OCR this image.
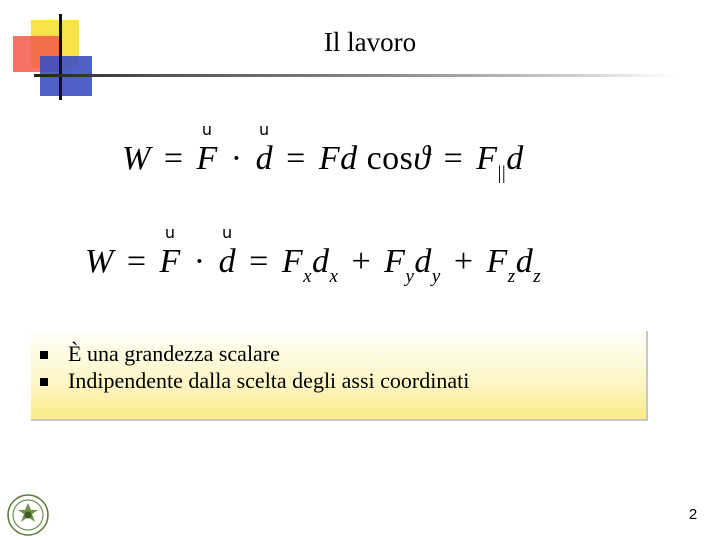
Il lavoro
W =
u
F ·
u
d = Fd $\cos ϑ = F_{||}d$
W =
u
F ·
u
$d = F_xd_x + F_yd_y + F_zd_z$
È una grandezza scalare
Indipendente dalla scelta degli assi coordinati
2
